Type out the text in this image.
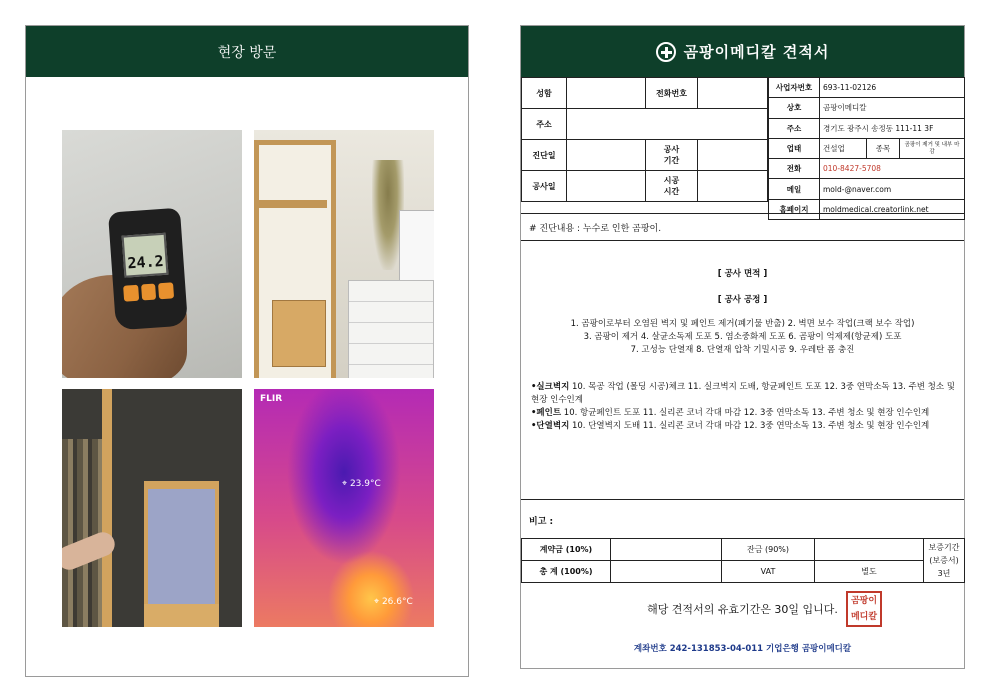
현장 방문
24.2
FLIR
⌖ 23.9°C
⌖ 26.6°C
곰팡이메디칼 견적서
성함		전화번호	
주소			
진단일		공사
기간	
공사일		시공
시간	
사업자번호	693-11-02126		
상호	곰팡이메디칼		
주소	경기도 광주시 송정동 111-11 3F		
업태	건설업	종목	곰팡이 제거 및 내부 마감
전화	010-8427-5708		
메일	mold-@naver.com		
홈페이지	moldmedical.creatorlink.net		
# 진단내용 : 누수로 인한 곰팡이.
[ 공사 면적 ]
[ 공사 공정 ]
1. 곰팡이로부터 오염된 벽지 및 페인트 제거(폐기물 반출) 2. 벽면 보수 작업(크랙 보수 작업)
3. 곰팡이 제거 4. 살균소독제 도포 5. 염소중화제 도포 6. 곰팡이 억제제(항균제) 도포
7. 고성능 단열재 8. 단열재 압착 기밀시공 9. 우레탄 폼 충진
•실크벽지 10. 목공 작업 (몰딩 시공)체크 11. 실크벽지 도배, 항균페인트 도포 12. 3중 연막소독 13. 주변 청소 및 현장 인수인계
•페인트 10. 항균페인트 도포 11. 실리콘 코너 각대 마감 12. 3중 연막소독 13. 주변 청소 및 현장 인수인계
•단열벽지 10. 단열벽지 도배 11. 실리콘 코너 각대 마감 12. 3중 연막소독 13. 주변 청소 및 현장 인수인계
비고 :
계약금 (10%)		잔금 (90%)		보증기간
(보증서)
3년
총 계 (100%)		VAT	별도	
해당 견적서의 유효기간은 30일 입니다.
곰팡이
메디칼
계좌번호 242-131853-04-011 기업은행 곰팡이메디칼
